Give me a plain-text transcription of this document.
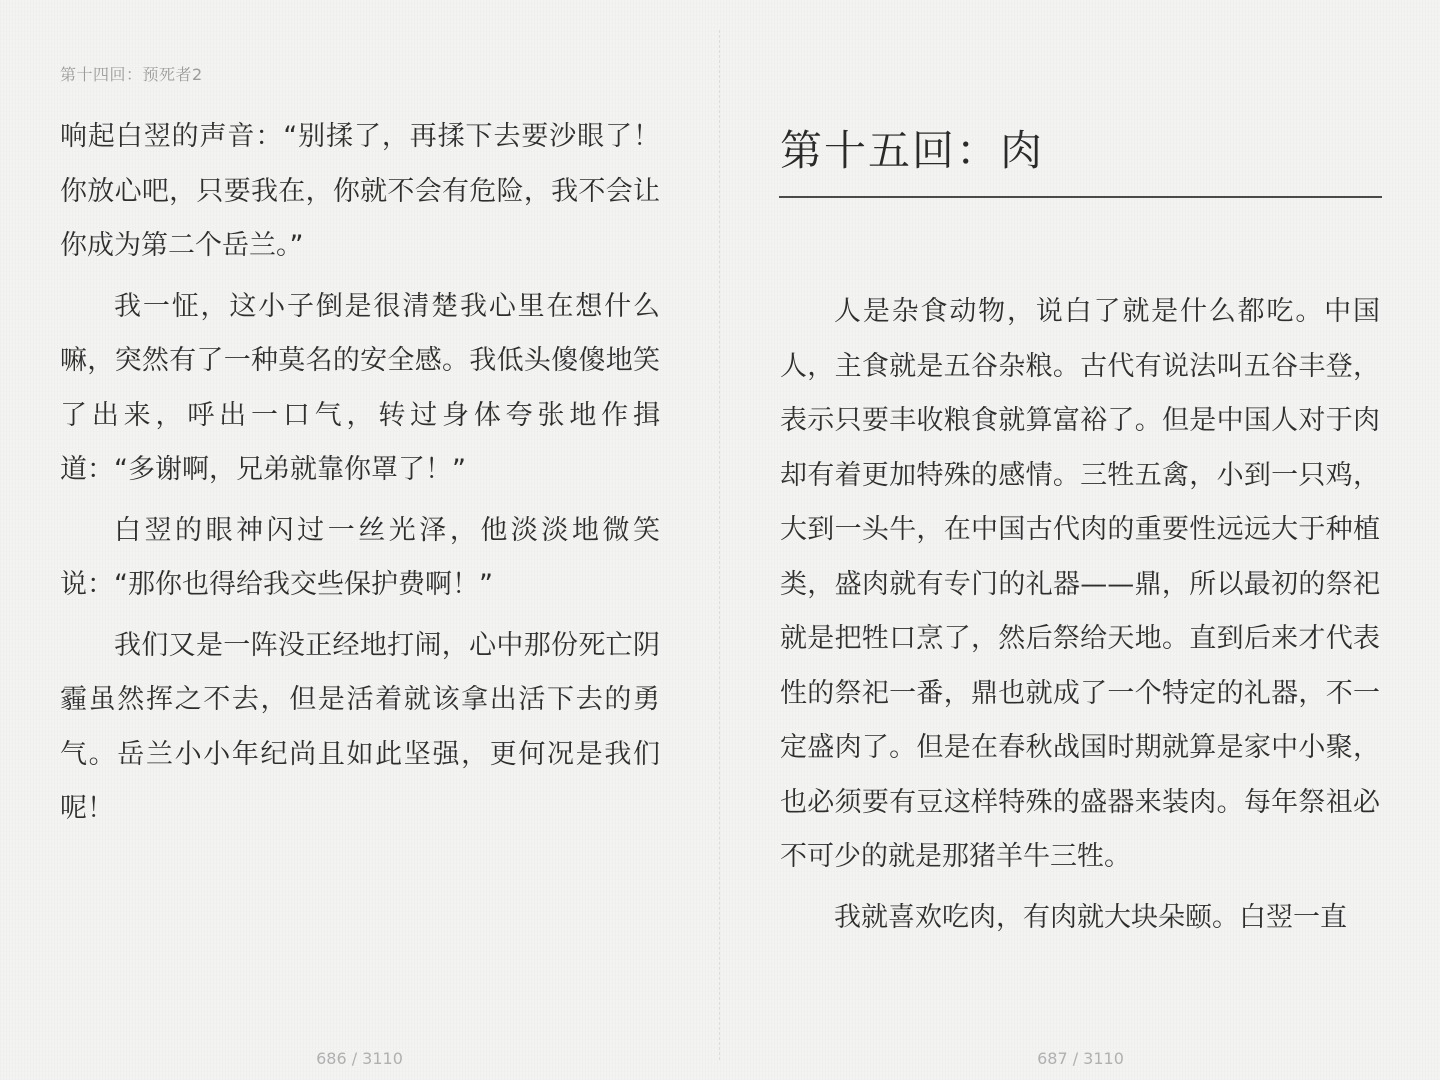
第十四回：预死者2

响起白翌的声音：“别揉了，再揉下去要沙眼了！你放心吧，只要我在，你就不会有危险，我不会让你成为第二个岳兰。”

我一怔，这小子倒是很清楚我心里在想什么嘛，突然有了一种莫名的安全感。我低头傻傻地笑了出来，呼出一口气，转过身体夸张地作揖道：“多谢啊，兄弟就靠你罩了！”

白翌的眼神闪过一丝光泽，他淡淡地微笑说：“那你也得给我交些保护费啊！”

我们又是一阵没正经地打闹，心中那份死亡阴霾虽然挥之不去，但是活着就该拿出活下去的勇气。岳兰小小年纪尚且如此坚强，更何况是我们呢！

686 / 3110
第十五回：肉

人是杂食动物，说白了就是什么都吃。中国人，主食就是五谷杂粮。古代有说法叫五谷丰登，表示只要丰收粮食就算富裕了。但是中国人对于肉却有着更加特殊的感情。三牲五禽，小到一只鸡，大到一头牛，在中国古代肉的重要性远远大于种植类，盛肉就有专门的礼器——鼎，所以最初的祭祀就是把牲口烹了，然后祭给天地。直到后来才代表性的祭祀一番，鼎也就成了一个特定的礼器，不一定盛肉了。但是在春秋战国时期就算是家中小聚，也必须要有豆这样特殊的盛器来装肉。每年祭祖必不可少的就是那猪羊牛三牲。

我就喜欢吃肉，有肉就大块朵颐。白翌一直

687 / 3110
